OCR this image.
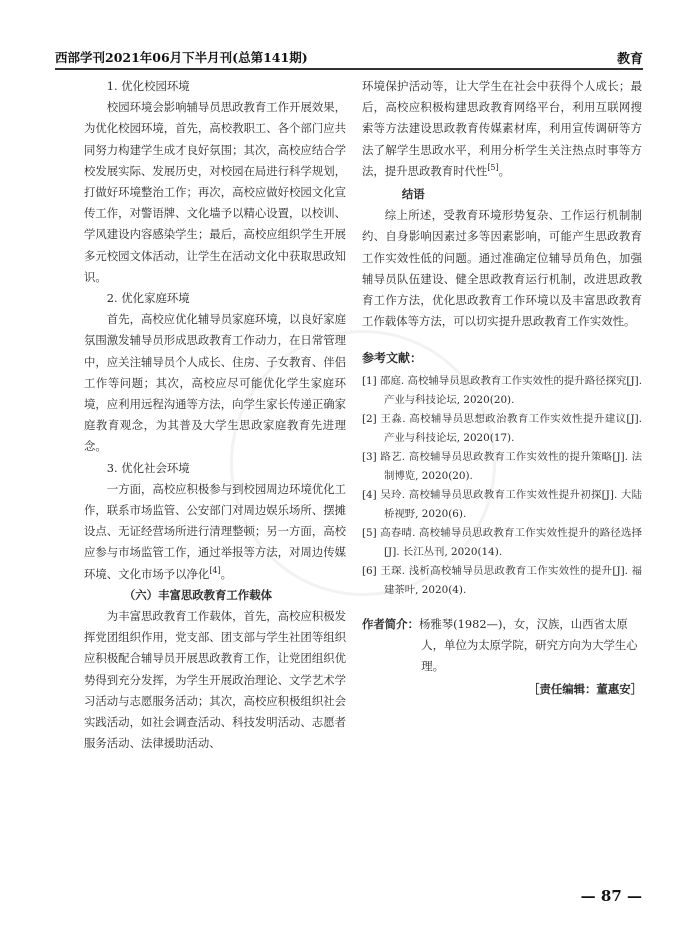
西部学刊2021年06月下半月刊(总第141期)	教育

1. 优化校园环境

校园环境会影响辅导员思政教育工作开展效果，为优化校园环境，首先，高校教职工、各个部门应共同努力构建学生成才良好氛围；其次，高校应结合学校发展实际、发展历史，对校园在局进行科学规划，打做好环境整治工作；再次，高校应做好校园文化宣传工作，对警语牌、文化墙予以精心设置，以校训、学风建设内容感染学生；最后，高校应组织学生开展多元校园文体活动，让学生在活动文化中获取思政知识。

2. 优化家庭环境

首先，高校应优化辅导员家庭环境，以良好家庭氛围激发辅导员形成思政教育工作动力，在日常管理中，应关注辅导员个人成长、住房、子女教育、伴侣工作等问题；其次，高校应尽可能优化学生家庭环境，应利用远程沟通等方法，向学生家长传递正确家庭教育观念，为其普及大学生思政家庭教育先进理念。

3. 优化社会环境

一方面，高校应积极参与到校园周边环境优化工作，联系市场监管、公安部门对周边娱乐场所、摆摊设点、无证经营场所进行清理整顿；另一方面，高校应参与市场监管工作，通过举报等方法，对周边传媒环境、文化市场予以净化[4]。

（六）丰富思政教育工作载体

为丰富思政教育工作载体，首先，高校应积极发挥党团组织作用，党支部、团支部与学生社团等组织应积极配合辅导员开展思政教育工作，让党团组织优势得到充分发挥，为学生开展政治理论、文学艺术学习活动与志愿服务活动；其次，高校应积极组织社会实践活动，如社会调查活动、科技发明活动、志愿者服务活动、法律援助活动、

环境保护活动等，让大学生在社会中获得个人成长；最后，高校应积极构建思政教育网络平台，利用互联网搜索等方法建设思政教育传媒素材库，利用宣传调研等方法了解学生思政水平，利用分析学生关注热点时事等方法，提升思政教育时代性[5]。

结语

综上所述，受教育环境形势复杂、工作运行机制制约、自身影响因素过多等因素影响，可能产生思政教育工作实效性低的问题。通过准确定位辅导员角色，加强辅导员队伍建设、健全思政教育运行机制，改进思政教育工作方法，优化思政教育工作环境以及丰富思政教育工作载体等方法，可以切实提升思政教育工作实效性。

参考文献：
[1] 邵庭. 高校辅导员思政教育工作实效性的提升路径探究[J]. 产业与科技论坛, 2020(20).
[2] 王淼. 高校辅导员思想政治教育工作实效性提升建议[J]. 产业与科技论坛, 2020(17).
[3] 路艺. 高校辅导员思政教育工作实效性的提升策略[J]. 法制博览, 2020(20).
[4] 吴玲. 高校辅导员思政教育工作实效性提升初探[J]. 大陆桥视野, 2020(6).
[5] 高春晴. 高校辅导员思政教育工作实效性提升的路径选择[J]. 长江丛刊, 2020(14).
[6] 王琛. 浅析高校辅导员思政教育工作实效性的提升[J]. 福建茶叶, 2020(4).
作者简介：杨雅琴(1982—)，女，汉族，山西省太原人，单位为太原学院，研究方向为大学生心理。
［责任编辑：董惠安］
— 87 —
